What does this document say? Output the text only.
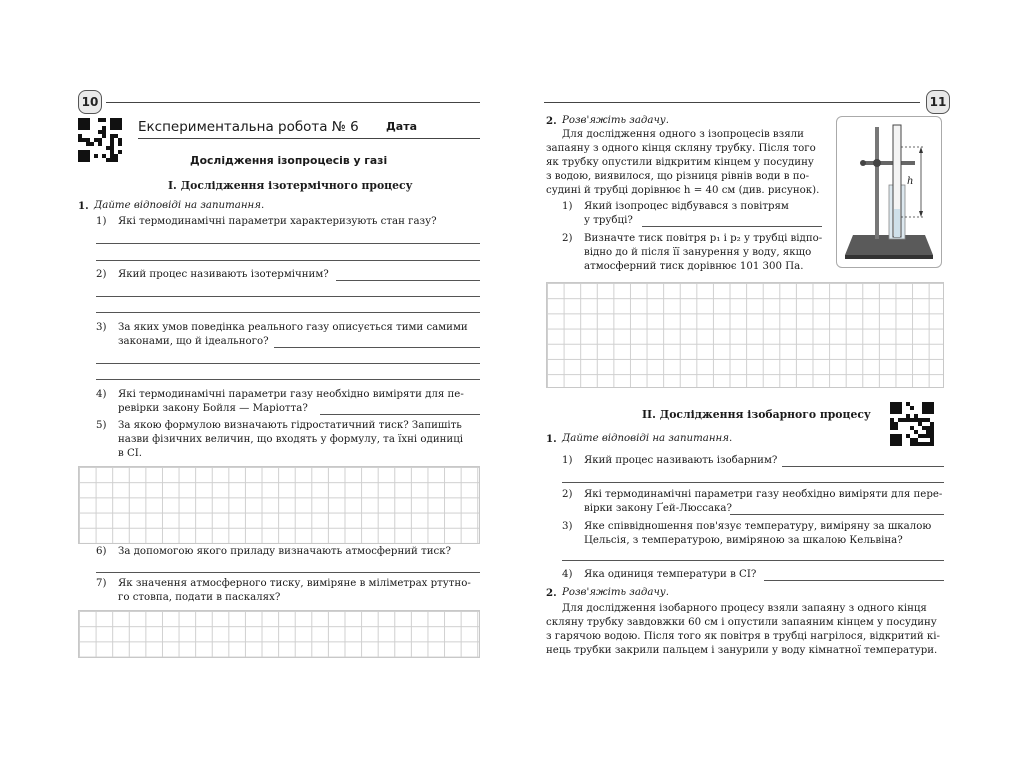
10
Експериментальна робота № 6 Дата
Дослідження ізопроцесів у газі
I. Дослідження ізотермічного процесу
1. Дайте відповіді на запитання.
1) Які термодинамічні параметри характеризують стан газу?
2) Який процес називають ізотермічним?
3) За яких умов поведінка реального газу описується тими самими
законами, що й ідеального?
4) Які термодинамічні параметри газу необхідно виміряти для пе-
ревірки закону Бойля — Маріотта?
5) За якою формулою визначають гідростатичний тиск? Запишіть
назви фізичних величин, що входять у формулу, та їхні одиниці
в СІ.
6) За допомогою якого приладу визначають атмосферний тиск?
7) Як значення атмосферного тиску, виміряне в міліметрах ртутно-
го стовпа, подати в паскалях?
11
2. Розв'яжіть задачу.
Для дослідження одного з ізопроцесів взяли
запаяну з одного кінця скляну трубку. Після того
як трубку опустили відкритим кінцем у посудину
з водою, виявилося, що різниця рівнів води в по-
судині й трубці дорівнює h = 40 см (див. рисунок).
1) Який ізопроцес відбувався з повітрям
у трубці?
2) Визначте тиск повітря p₁ і p₂ у трубці відпо-
відно до й після її занурення у воду, якщо
атмосферний тиск дорівнює 101 300 Па.
h
II. Дослідження ізобарного процесу
1. Дайте відповіді на запитання.
1) Який процес називають ізобарним?
2) Які термодинамічні параметри газу необхідно виміряти для пере-
вірки закону Ґей-Люссака?
3) Яке співвідношення пов'язує температуру, виміряну за шкалою
Цельсія, з температурою, виміряною за шкалою Кельвіна?
4) Яка одиниця температури в СІ?
2. Розв'яжіть задачу.
Для дослідження ізобарного процесу взяли запаяну з одного кінця
скляну трубку завдовжки 60 см і опустили запаяним кінцем у посудину
з гарячою водою. Після того як повітря в трубці нагрілося, відкритий кі-
нець трубки закрили пальцем і занурили у воду кімнатної температури.
